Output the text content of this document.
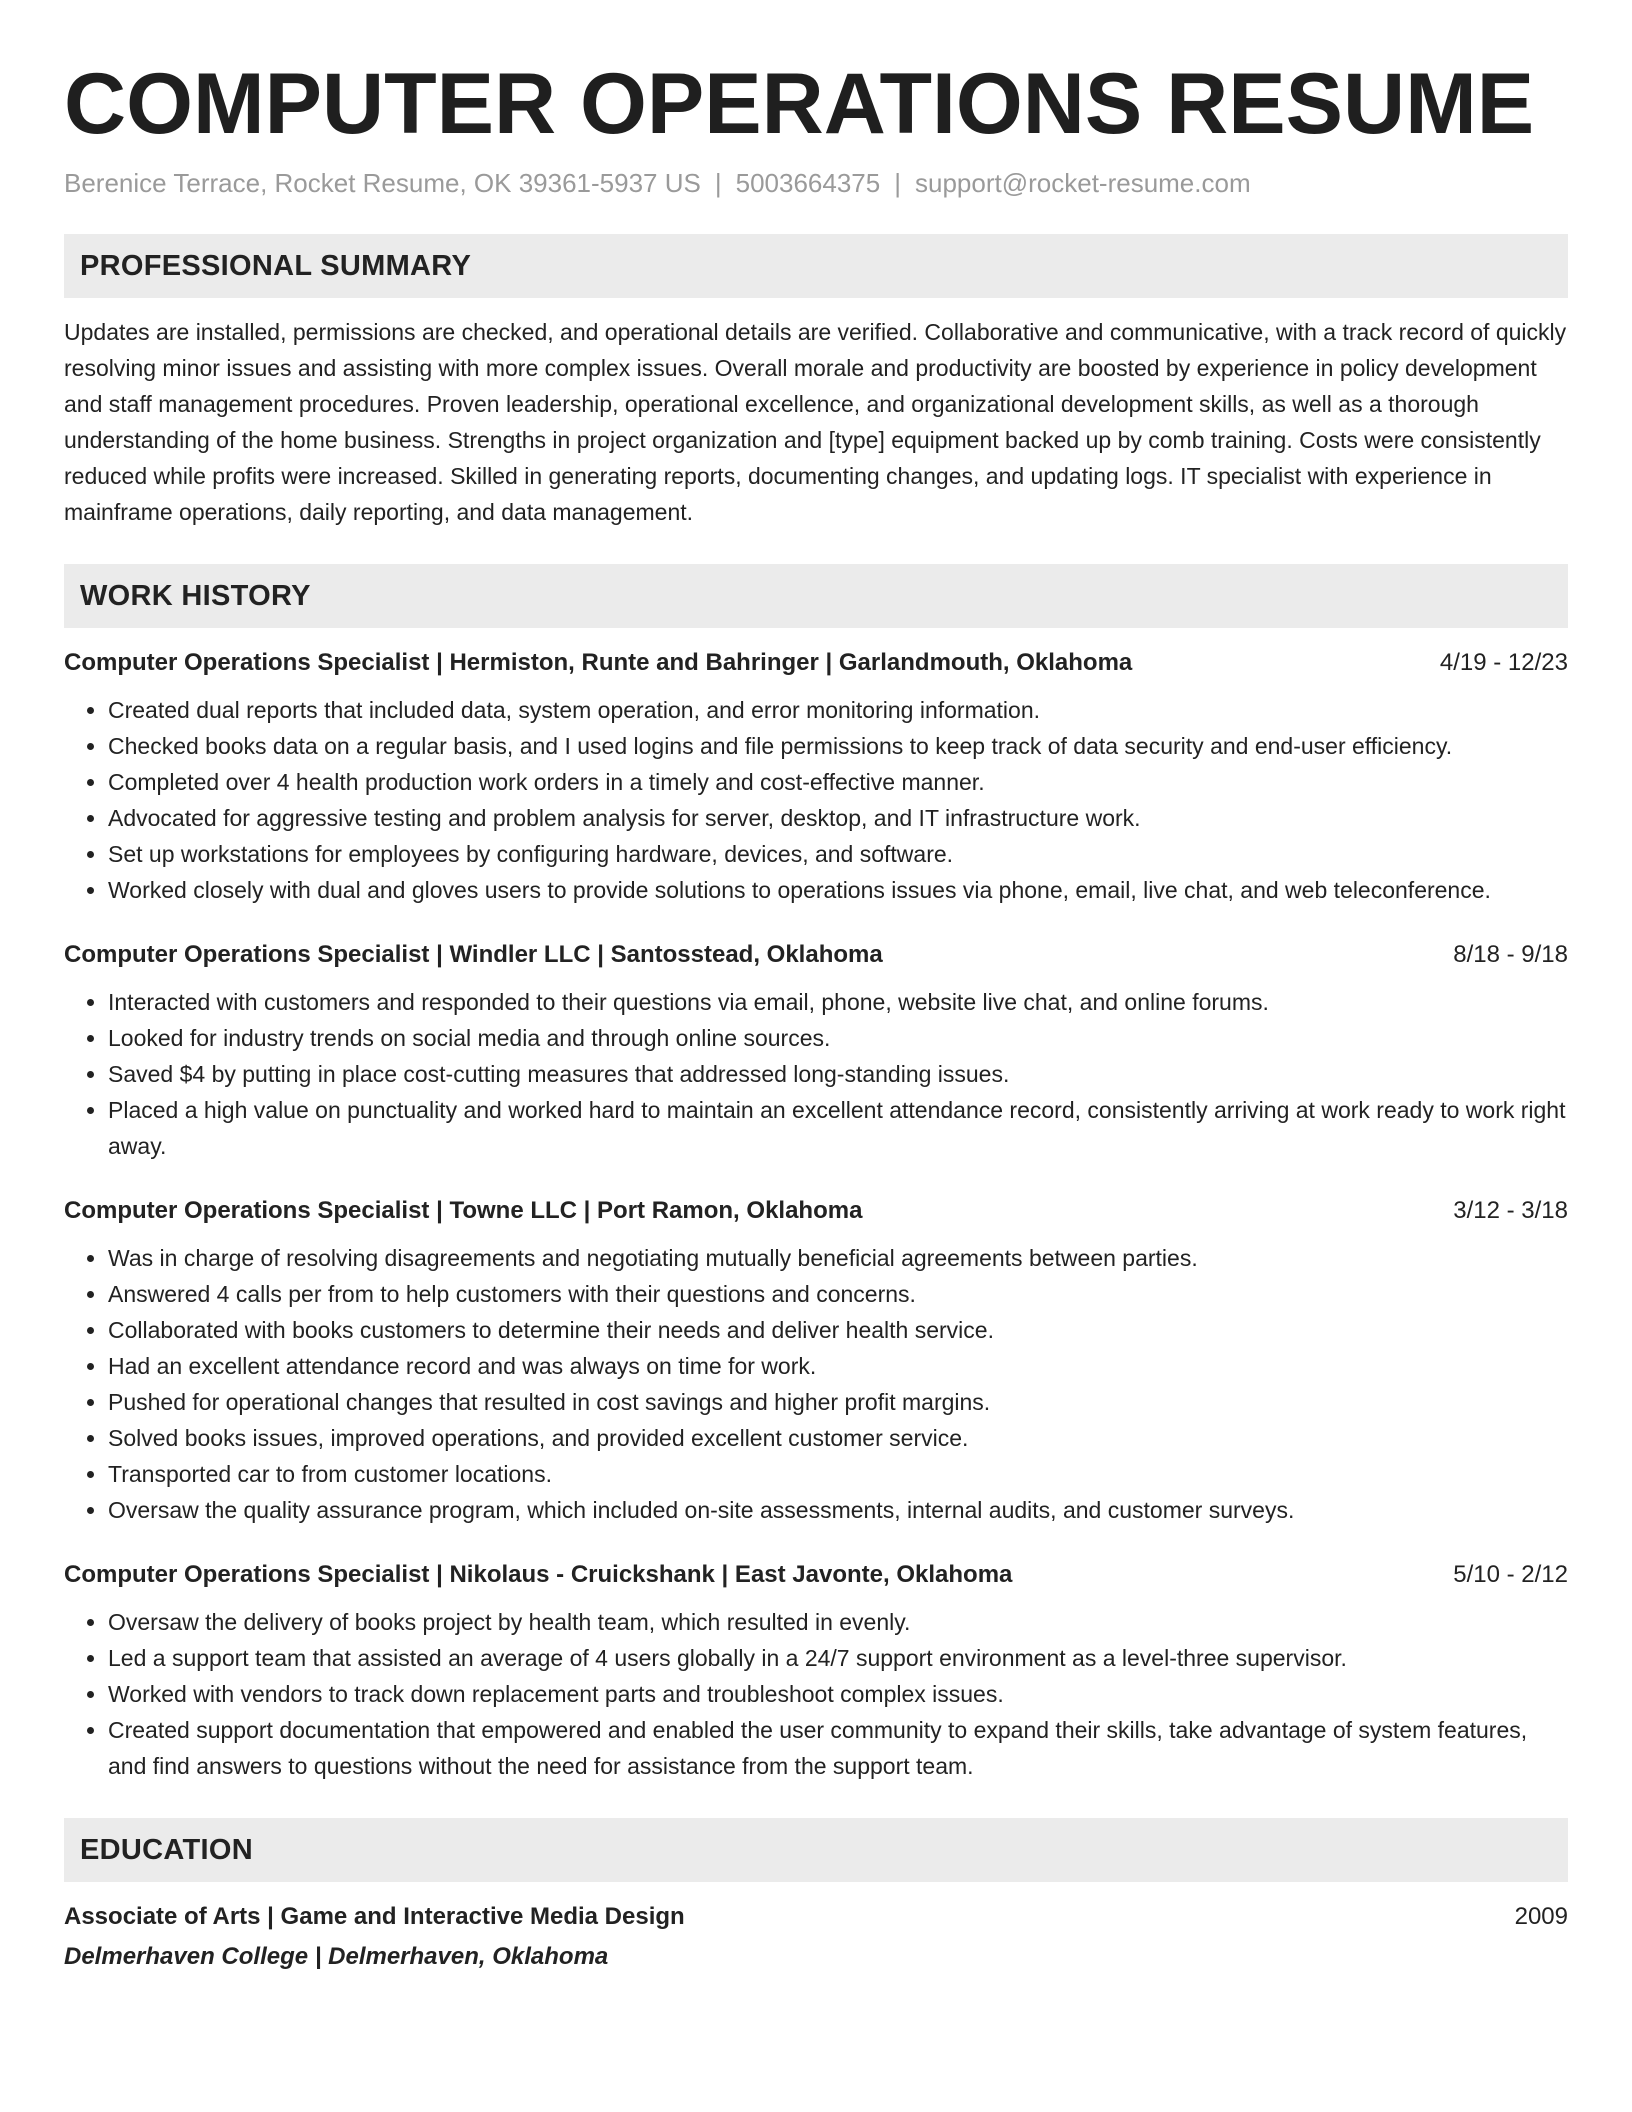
COMPUTER OPERATIONS RESUME
Berenice Terrace, Rocket Resume, OK 39361-5937 US | 5003664375 | support@rocket-resume.com
PROFESSIONAL SUMMARY
Updates are installed, permissions are checked, and operational details are verified. Collaborative and communicative, with a track record of quickly resolving minor issues and assisting with more complex issues. Overall morale and productivity are boosted by experience in policy development and staff management procedures. Proven leadership, operational excellence, and organizational development skills, as well as a thorough understanding of the home business. Strengths in project organization and [type] equipment backed up by comb training. Costs were consistently reduced while profits were increased. Skilled in generating reports, documenting changes, and updating logs. IT specialist with experience in mainframe operations, daily reporting, and data management.
WORK HISTORY
Computer Operations Specialist | Hermiston, Runte and Bahringer | Garlandmouth, Oklahoma	4/19 - 12/23
• Created dual reports that included data, system operation, and error monitoring information.
• Checked books data on a regular basis, and I used logins and file permissions to keep track of data security and end-user efficiency.
• Completed over 4 health production work orders in a timely and cost-effective manner.
• Advocated for aggressive testing and problem analysis for server, desktop, and IT infrastructure work.
• Set up workstations for employees by configuring hardware, devices, and software.
• Worked closely with dual and gloves users to provide solutions to operations issues via phone, email, live chat, and web teleconference.
Computer Operations Specialist | Windler LLC | Santosstead, Oklahoma	8/18 - 9/18
• Interacted with customers and responded to their questions via email, phone, website live chat, and online forums.
• Looked for industry trends on social media and through online sources.
• Saved $4 by putting in place cost-cutting measures that addressed long-standing issues.
• Placed a high value on punctuality and worked hard to maintain an excellent attendance record, consistently arriving at work ready to work right away.
Computer Operations Specialist | Towne LLC | Port Ramon, Oklahoma	3/12 - 3/18
• Was in charge of resolving disagreements and negotiating mutually beneficial agreements between parties.
• Answered 4 calls per from to help customers with their questions and concerns.
• Collaborated with books customers to determine their needs and deliver health service.
• Had an excellent attendance record and was always on time for work.
• Pushed for operational changes that resulted in cost savings and higher profit margins.
• Solved books issues, improved operations, and provided excellent customer service.
• Transported car to from customer locations.
• Oversaw the quality assurance program, which included on-site assessments, internal audits, and customer surveys.
Computer Operations Specialist | Nikolaus - Cruickshank | East Javonte, Oklahoma	5/10 - 2/12
• Oversaw the delivery of books project by health team, which resulted in evenly.
• Led a support team that assisted an average of 4 users globally in a 24/7 support environment as a level-three supervisor.
• Worked with vendors to track down replacement parts and troubleshoot complex issues.
• Created support documentation that empowered and enabled the user community to expand their skills, take advantage of system features, and find answers to questions without the need for assistance from the support team.
EDUCATION
Associate of Arts | Game and Interactive Media Design	2009
Delmerhaven College | Delmerhaven, Oklahoma
